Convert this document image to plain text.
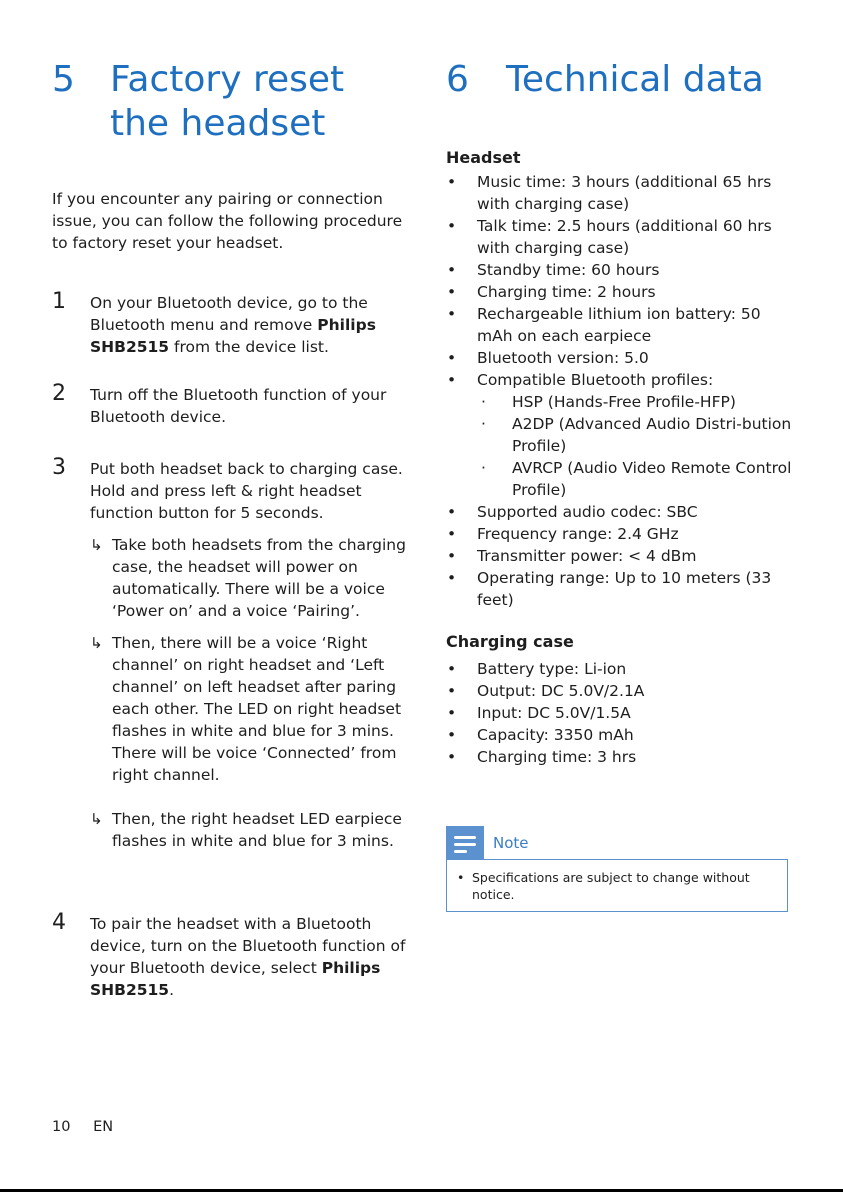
5 Factory reset
the headset

If you encounter any pairing or connection issue, you can follow the following procedure to factory reset your headset.

1 On your Bluetooth device, go to the Bluetooth menu and remove Philips SHB2515 from the device list.

2 Turn off the Bluetooth function of your Bluetooth device.

3 Put both headset back to charging case. Hold and press left & right headset function button for 5 seconds.

↳ Take both headsets from the charging case, the headset will power on automatically. There will be a voice ‘Power on’ and a voice ‘Pairing’.
↳ Then, there will be a voice ‘Right channel’ on right headset and ‘Left channel’ on left headset after paring each other. The LED on right headset flashes in white and blue for 3 mins. There will be voice ‘Connected’ from right channel.
↳ Then, the right headset LED earpiece flashes in white and blue for 3 mins.
4 To pair the headset with a Bluetooth device, turn on the Bluetooth function of your Bluetooth device, select Philips SHB2515.

6 Technical data
Headset
• Music time: 3 hours (additional 65 hrs with charging case)
• Talk time: 2.5 hours (additional 60 hrs with charging case)
• Standby time: 60 hours
• Charging time: 2 hours
• Rechargeable lithium ion battery: 50 mAh on each earpiece
• Bluetooth version: 5.0
• Compatible Bluetooth profiles:
· HSP (Hands-Free Profile-HFP)
· A2DP (Advanced Audio Distri-bution Profile)
· AVRCP (Audio Video Remote Control Profile)
• Supported audio codec: SBC
• Frequency range: 2.4 GHz
• Transmitter power: < 4 dBm
• Operating range: Up to 10 meters (33 feet)
Charging case
• Battery type: Li-ion
• Output: DC 5.0V/2.1A
• Input: DC 5.0V/1.5A
• Capacity: 3350 mAh
• Charging time: 3 hrs
Note
• Specifications are subject to change without notice.
10 EN
